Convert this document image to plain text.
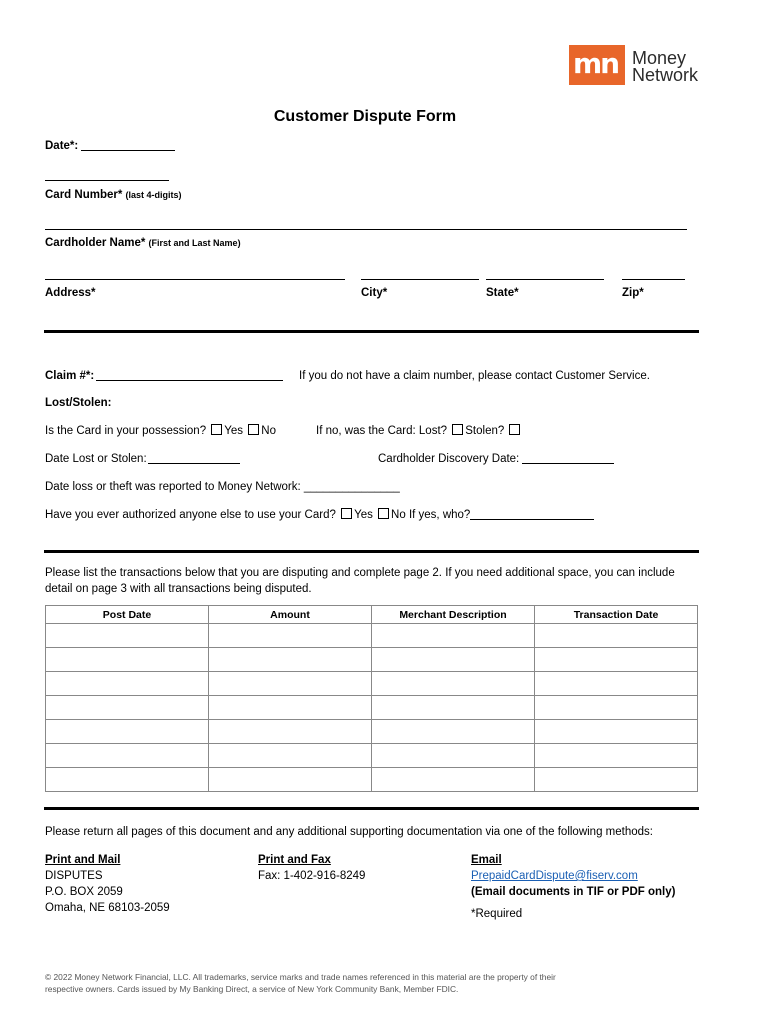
mn Money
Network
Customer Dispute Form
Date*:
Card Number* (last 4-digits)
Cardholder Name* (First and Last Name)
Address*	City*	State*	Zip*
Claim #*:	If you do not have a claim number, please contact Customer Service.
Lost/Stolen:
Is the Card in your possession? Yes No	If no, was the Card: Lost? Stolen?
Date Lost or Stolen:	Cardholder Discovery Date:
Date loss or theft was reported to Money Network: _______________
Have you ever authorized anyone else to use your Card? Yes No If yes, who?
Please list the transactions below that you are disputing and complete page 2. If you need additional space, you can include detail on page 3 with all transactions being disputed.
Post Date	Amount	Merchant Description	Transaction Date

Please return all pages of this document and any additional supporting documentation via one of the following methods:
Print and Mail
DISPUTES
P.O. BOX 2059
Omaha, NE 68103-2059
Print and Fax
Fax: 1-402-916-8249
Email
PrepaidCardDispute@fiserv.com
(Email documents in TIF or PDF only)
*Required
© 2022 Money Network Financial, LLC. All trademarks, service marks and trade names referenced in this material are the property of their
respective owners. Cards issued by My Banking Direct, a service of New York Community Bank, Member FDIC.
